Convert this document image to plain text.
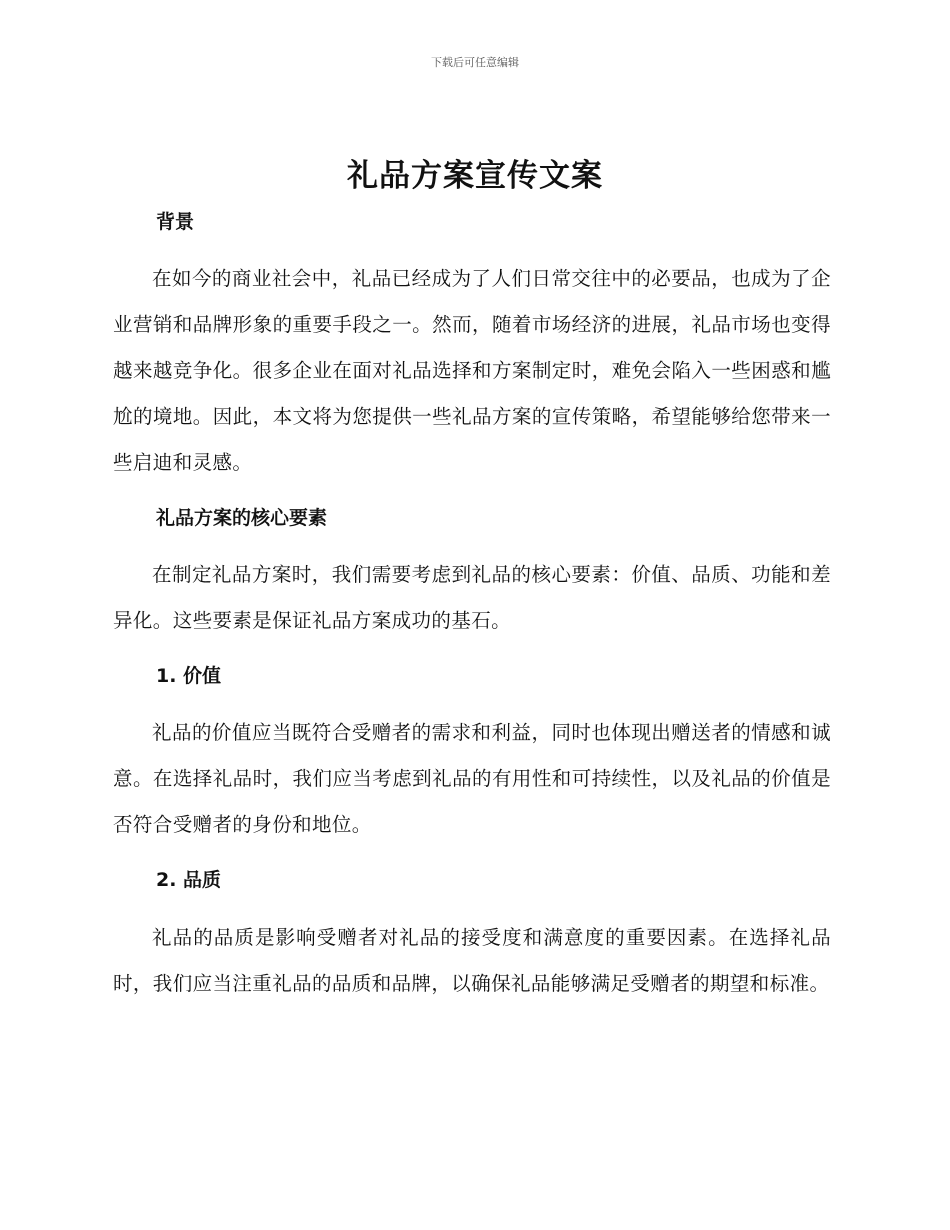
下载后可任意编辑
礼品方案宣传文案
背景

在如今的商业社会中，礼品已经成为了人们日常交往中的必要品，也成为了企业营销和品牌形象的重要手段之一。然而，随着市场经济的进展，礼品市场也变得越来越竞争化。很多企业在面对礼品选择和方案制定时，难免会陷入一些困惑和尴尬的境地。因此，本文将为您提供一些礼品方案的宣传策略，希望能够给您带来一些启迪和灵感。

礼品方案的核心要素

在制定礼品方案时，我们需要考虑到礼品的核心要素：价值、品质、功能和差异化。这些要素是保证礼品方案成功的基石。

1. 价值

礼品的价值应当既符合受赠者的需求和利益，同时也体现出赠送者的情感和诚意。在选择礼品时，我们应当考虑到礼品的有用性和可持续性，以及礼品的价值是否符合受赠者的身份和地位。

2. 品质

礼品的品质是影响受赠者对礼品的接受度和满意度的重要因素。在选择礼品时，我们应当注重礼品的品质和品牌，以确保礼品能够满足受赠者的期望和标准。
